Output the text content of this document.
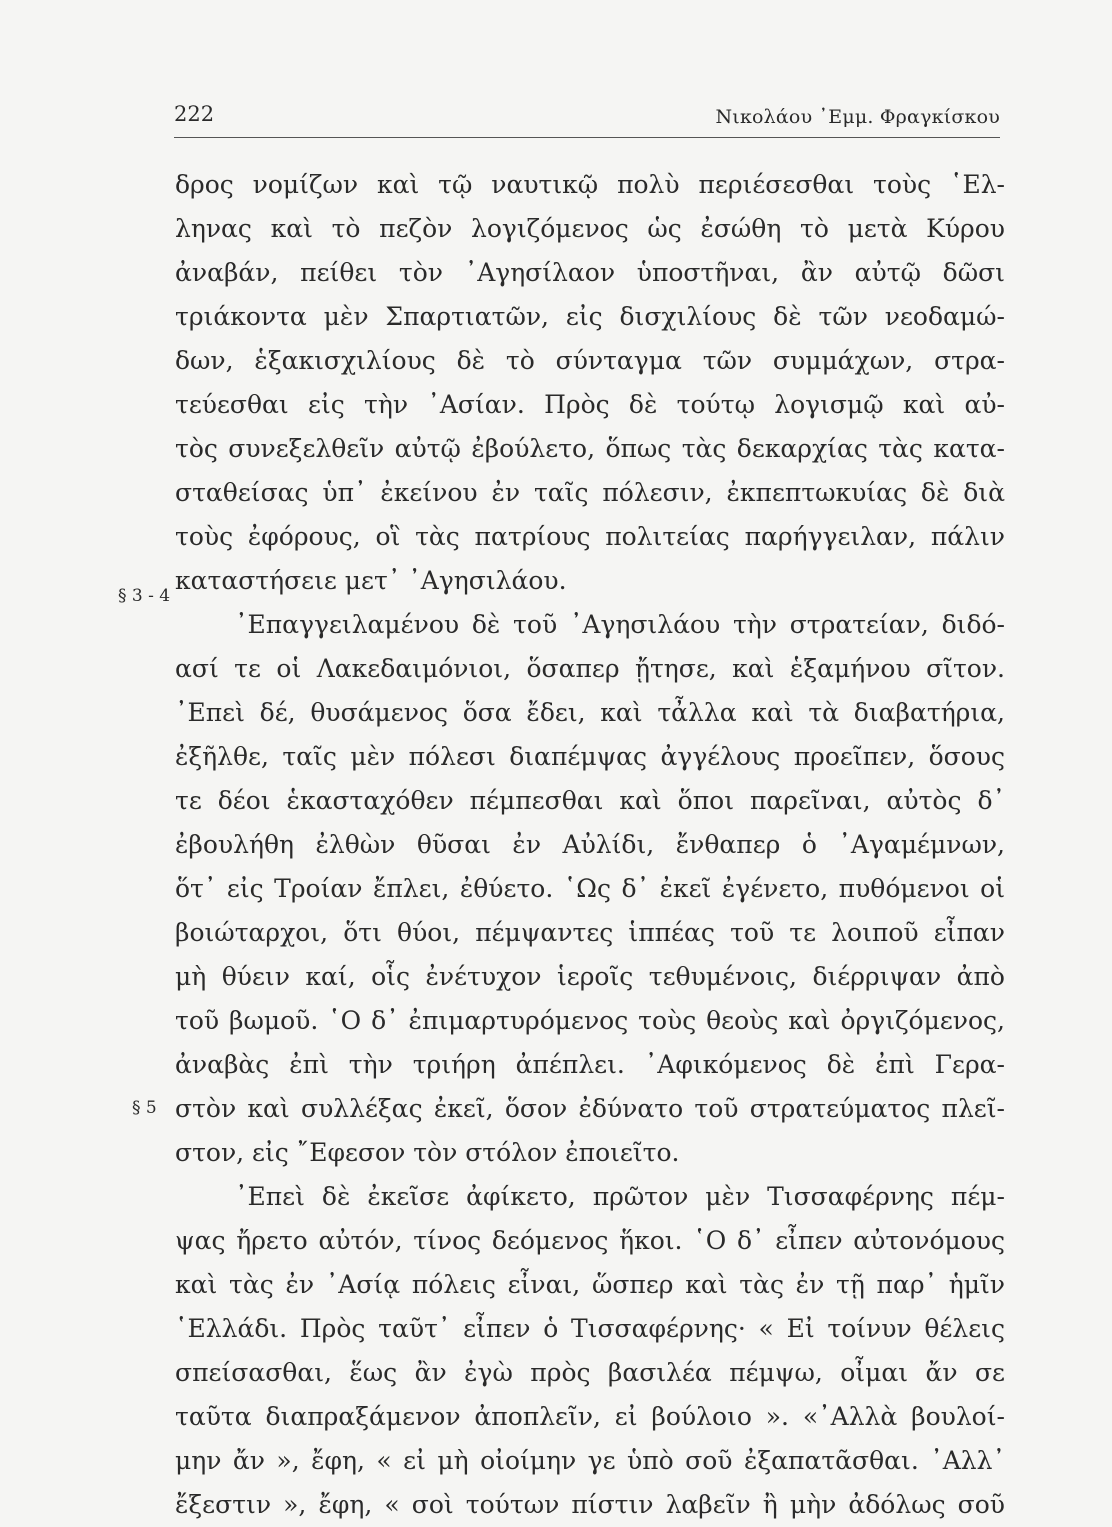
222	Νικολάου ᾿Εμμ. Φραγκίσκου
§ 3 - 4
§ 5
δρος νομίζων καὶ τῷ ναυτικῷ πολὺ περιέσεσθαι τοὺς ῾Ελ-
ληνας καὶ τὸ πεζὸν λογιζόμενος ὡς ἐσώθη τὸ μετὰ Κύρου
ἀναβάν, πείθει τὸν ᾿Αγησίλαον ὑποστῆναι, ἂν αὐτῷ δῶσι
τριάκοντα μὲν Σπαρτιατῶν, εἰς δισχιλίους δὲ τῶν νεοδαμώ-
δων, ἑξακισχιλίους δὲ τὸ σύνταγμα τῶν συμμάχων, στρα-
τεύεσθαι εἰς τὴν ᾿Ασίαν. Πρὸς δὲ τούτῳ λογισμῷ καὶ αὐ-
τὸς συνεξελθεῖν αὐτῷ ἐβούλετο, ὅπως τὰς δεκαρχίας τὰς κατα-
σταθείσας ὑπ᾿ ἐκείνου ἐν ταῖς πόλεσιν, ἐκπεπτωκυίας δὲ διὰ
τοὺς ἐφόρους, οἳ τὰς πατρίους πολιτείας παρήγγειλαν, πάλιν
καταστήσειε μετ᾿ ᾿Αγησιλάου.
᾿Επαγγειλαμένου δὲ τοῦ ᾿Αγησιλάου τὴν στρατείαν, διδό-
ασί τε οἱ Λακεδαιμόνιοι, ὅσαπερ ᾔτησε, καὶ ἑξαμήνου σῖτον.
᾿Επεὶ δέ, θυσάμενος ὅσα ἔδει, καὶ τἆλλα καὶ τὰ διαβατήρια,
ἐξῆλθε, ταῖς μὲν πόλεσι διαπέμψας ἀγγέλους προεῖπεν, ὅσους
τε δέοι ἑκασταχόθεν πέμπεσθαι καὶ ὅποι παρεῖναι, αὐτὸς δ᾿
ἐβουλήθη ἐλθὼν θῦσαι ἐν Αὐλίδι, ἔνθαπερ ὁ ᾿Αγαμέμνων,
ὅτ᾿ εἰς Τροίαν ἔπλει, ἐθύετο. ῾Ως δ᾿ ἐκεῖ ἐγένετο, πυθόμενοι οἱ
βοιώταρχοι, ὅτι θύοι, πέμψαντες ἱππέας τοῦ τε λοιποῦ εἶπαν
μὴ θύειν καί, οἷς ἐνέτυχον ἱεροῖς τεθυμένοις, διέρριψαν ἀπὸ
τοῦ βωμοῦ. ῾Ο δ᾿ ἐπιμαρτυρόμενος τοὺς θεοὺς καὶ ὀργιζόμενος,
ἀναβὰς ἐπὶ τὴν τριήρη ἀπέπλει. ᾿Αφικόμενος δὲ ἐπὶ Γερα-
στὸν καὶ συλλέξας ἐκεῖ, ὅσον ἐδύνατο τοῦ στρατεύματος πλεῖ-
στον, εἰς ῎Εφεσον τὸν στόλον ἐποιεῖτο.
᾿Επεὶ δὲ ἐκεῖσε ἀφίκετο, πρῶτον μὲν Τισσαφέρνης πέμ-
ψας ἤρετο αὐτόν, τίνος δεόμενος ἥκοι. ῾Ο δ᾿ εἶπεν αὐτονόμους
καὶ τὰς ἐν ᾿Ασίᾳ πόλεις εἶναι, ὥσπερ καὶ τὰς ἐν τῇ παρ᾿ ἡμῖν
῾Ελλάδι. Πρὸς ταῦτ᾿ εἶπεν ὁ Τισσαφέρνης· « Εἰ τοίνυν θέλεις
σπείσασθαι, ἕως ἂν ἐγὼ πρὸς βασιλέα πέμψω, οἶμαι ἄν σε
ταῦτα διαπραξάμενον ἀποπλεῖν, εἰ βούλοιο ». «᾿Αλλὰ βουλοί-
μην ἄν », ἔφη, « εἰ μὴ οἰοίμην γε ὑπὸ σοῦ ἐξαπατᾶσθαι. ᾿Αλλ᾿
ἔξεστιν », ἔφη, « σοὶ τούτων πίστιν λαβεῖν ἢ μὴν ἀδόλως σοῦ
